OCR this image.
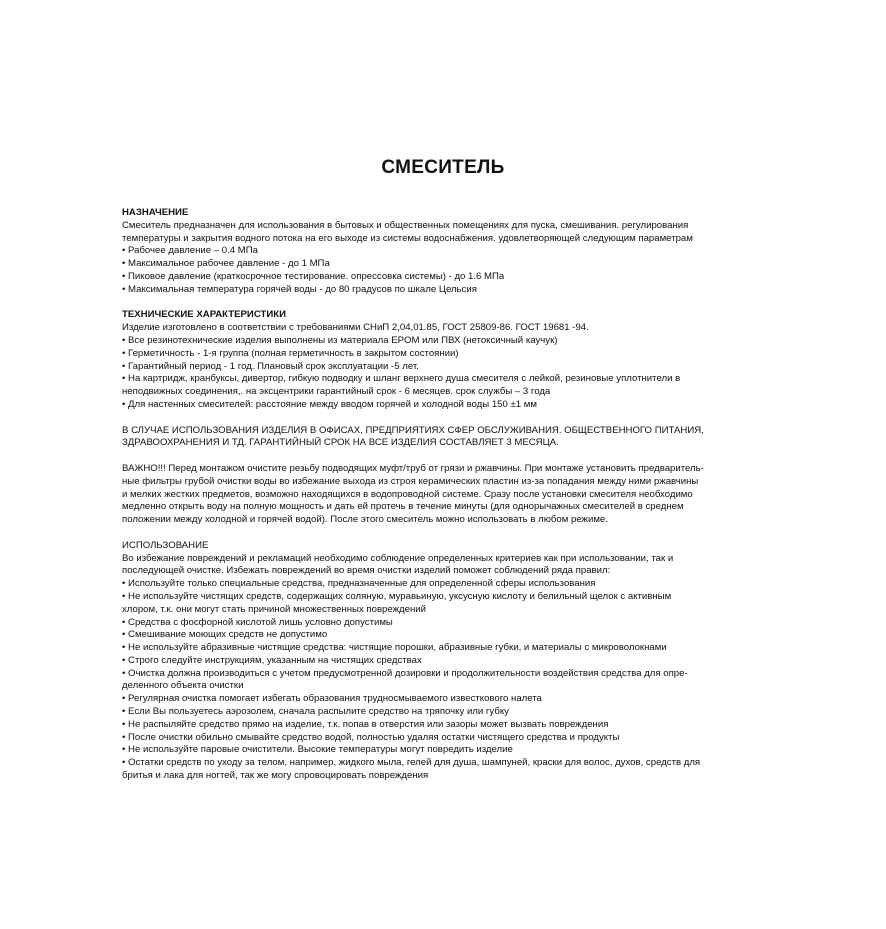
СМЕСИТЕЛЬ
НАЗНАЧЕНИЕ
Смеситель предназначен для использования в бытовых и общественных помещениях для пуска, смешивания. регулирования
температуры и закрытия водного потока на его выходе из системы водоснабжения. удовлетворяющей следующим параметрам
• Рабочее давление – 0.4 МПа
• Максимальное рабочее давление - до 1 МПа
• Пиковое давление (краткосрочное тестирование. опрессовка системы) - до 1.6 МПа
• Максимальная температура горячей воды - до 80 градусов по шкале Цельсия
ТЕХНИЧЕСКИЕ ХАРАКТЕРИСТИКИ
Изделие изготовлено в соответствии с требованиями СНиП 2,04,01.85, ГОСТ 25809-86. ГОСТ 19681 -94.
• Все резинотехнические изделия выполнены из материала EPOM или ПВХ (нетоксичный каучук)
• Герметичность - 1-я группа (полная герметичность в закрытом состоянии)
• Гарантийный период - 1 год. Плановый срок эксплуатации -5 лет.
• На картридж, кранбуксы, дивертор, гибкую подводку и шланг верхнего душа смесителя с лейкой, резиновые уплотнители в
неподвижных соединения,. на эксцентрики гарантийный срок - 6 месяцев. срок службы – 3 года
• Для настенных смесителей: расстояние между вводом горячей и холодной воды 150 ±1 мм
В СЛУЧАЕ ИСПОЛЬЗОВАНИЯ ИЗДЕЛИЯ В ОФИСАХ, ПРЕДПРИЯТИЯХ СФЕР ОБСЛУЖИВАНИЯ. ОБЩЕСТВЕННОГО ПИТАНИЯ,
ЗДРАВООХРАНЕНИЯ И ТД. ГАРАНТИЙНЫЙ СРОК НА ВСЕ ИЗДЕЛИЯ СОСТАВЛЯЕТ 3 МЕСЯЦА.
ВАЖНО!!! Перед монтажом очистите резьбу подводящих муфт/труб от грязи и ржавчины. При монтаже установить предваритель-
ные фильтры грубой очистки воды во избежание выхода из строя керамических пластин из-за попадания между ними ржавчины
и мелких жестких предметов, возможно находящихся в водопроводной системе. Сразу после установки смесителя необходимо
медленно открыть воду на полную мощность и дать ей протечь в течение минуты (для однорычажных смесителей в среднем
положении между холодной и горячей водой). После этого смеситель можно использовать в любом режиме.
ИСПОЛЬЗОВАНИЕ
Во избежание повреждений и рекламаций необходимо соблюдение определенных критериев как при использовании, так и
последующей очистке. Избежать повреждений во время очистки изделий поможет соблюдений ряда правил:
• Используйте только специальные средства, предназначенные для определенной сферы использования
• Не используйте чистящих средств, содержащих соляную, муравьиную, уксусную кислоту и белильный щелок с активным
хлором, т.к. они могут стать причиной множественных повреждений
• Средства с фосфорной кислотой лишь условно допустимы
• Смешивание моющих средств не допустимо
• Не используйте абразивные чистящие средства: чистящие порошки, абразивные губки, и материалы с микроволокнами
• Строго следуйте инструкциям, указанным на чистящих средствах
• Очистка должна производиться с учетом предусмотренной дозировки и продолжительности воздействия средства для опре-
деленного объекта очистки
• Регулярная очистка помогает избегать образования трудносмываемого известкового налета
• Если Вы пользуетесь аэрозолем, сначала распылите средство на тряпочку или губку
• Не распыляйте средство прямо на изделие, т.к. попав в отверстия или зазоры может вызвать повреждения
• После очистки обильно смывайте средство водой, полностью удаляя остатки чистящего средства и продукты
• Не используйте паровые очистители. Высокие температуры могут повредить изделие
• Остатки средств по уходу за телом, например, жидкого мыла, гелей для душа, шампуней, краски для волос, духов, средств для
бритья и лака для ногтей, так же могу спровоцировать повреждения
